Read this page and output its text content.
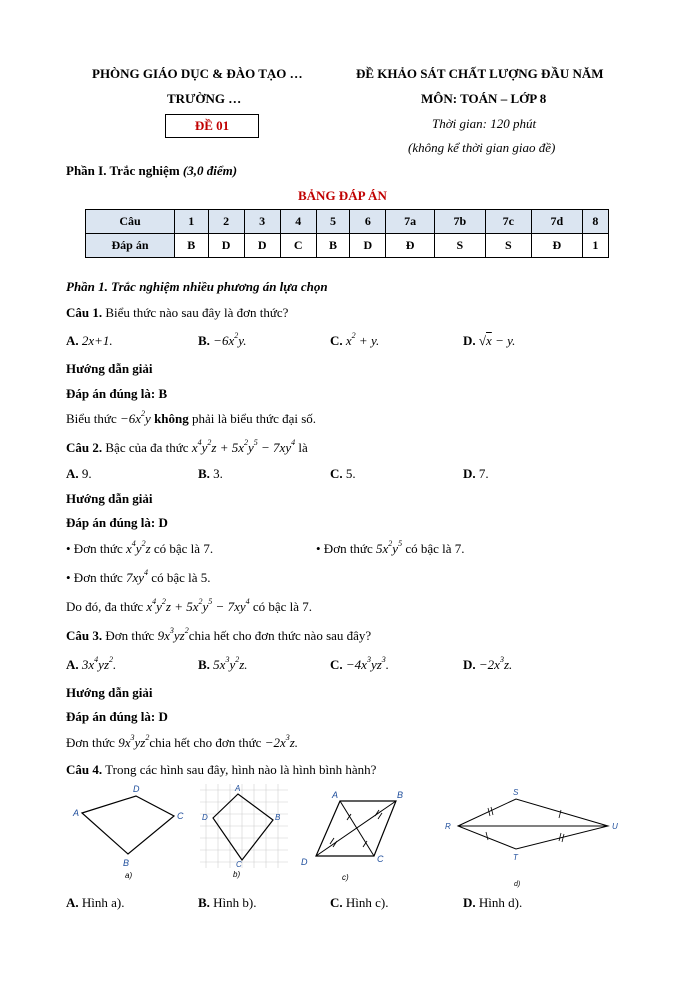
PHÒNG GIÁO DỤC & ĐÀO TẠO …
TRƯỜNG …
ĐỀ 01
ĐỀ KHẢO SÁT CHẤT LƯỢNG ĐẦU NĂM
MÔN: TOÁN – LỚP 8
Thời gian: 120 phút
(không kể thời gian giao đề)
Phần I. Trắc nghiệm (3,0 điểm)
BẢNG ĐÁP ÁN
Câu	1	2	3	4	5	6	7a	7b	7c	7d	8
Đáp án	B	D	D	C	B	D	Đ	S	S	Đ	1
Phần 1. Trắc nghiệm nhiều phương án lựa chọn
Câu 1. Biểu thức nào sau đây là đơn thức?
A. 2x+1.	B. $-6x^2y$.	C. $x^2 + y$.	D. √x − y.
Hướng dẫn giải
Đáp án đúng là: B
Biểu thức $-6x^2y$ không phải là biểu thức đại số.
Câu 2. Bậc của đa thức $x^4y^2z + 5x^2y^5 - 7xy^4$ là
A. 9.	B. 3.	C. 5.	D. 7.
Hướng dẫn giải
Đáp án đúng là: D
• Đơn thức $x^4y^2z$ có bậc là 7.	• Đơn thức $5x^2y^5$ có bậc là 7.
• Đơn thức $7xy^4$ có bậc là 5.
Do đó, đa thức $x^4y^2z + 5x^2y^5 - 7xy^4$ có bậc là 7.
Câu 3. Đơn thức $9x^3yz^2chia$ hết cho đơn thức nào sau đây?
A. $3x^4yz^2$.	B. $5x^3y^2z$.	C. $-4x^3yz^3$.	D. $-2x^3z$.
Hướng dẫn giải
Đáp án đúng là: D
Đơn thức $9x^3yz^2chia$ hết cho đơn thức $-2x^3z$.
Câu 4. Trong các hình sau đây, hình nào là hình bình hành?
A
B
C
D
a)
A
B
C
D
b)
A	B
C
D
c)
R
S
T
U
d)
A. Hình a).	B. Hình b).	C. Hình c).	D. Hình d).
